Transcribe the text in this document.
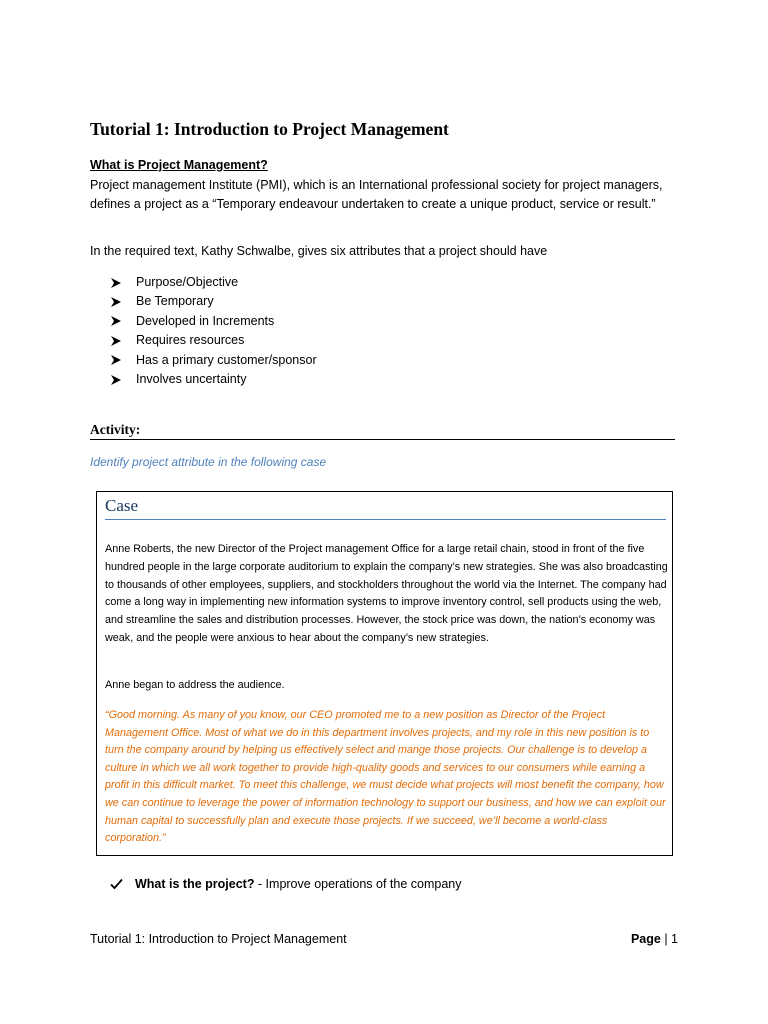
Tutorial 1: Introduction to Project Management
What is Project Management?
Project management Institute (PMI), which is an International professional society for project managers, defines a project as a “Temporary endeavour undertaken to create a unique product, service or result.”
In the required text, Kathy Schwalbe, gives six attributes that a project should have
Purpose/Objective
Be Temporary
Developed in Increments
Requires resources
Has a primary customer/sponsor
Involves uncertainty
Activity:
Identify project attribute in the following case
Case

Anne Roberts, the new Director of the Project management Office for a large retail chain, stood in front of the five hundred people in the large corporate auditorium to explain the company’s new strategies. She was also broadcasting to thousands of other employees, suppliers, and stockholders throughout the world via the Internet. The company had come a long way in implementing new information systems to improve inventory control, sell products using the web, and streamline the sales and distribution processes. However, the stock price was down, the nation’s economy was weak, and the people were anxious to hear about the company’s new strategies.

Anne began to address the audience.

“Good morning. As many of you know, our CEO promoted me to a new position as Director of the Project Management Office. Most of what we do in this department involves projects, and my role in this new position is to turn the company around by helping us effectively select and mange those projects. Our challenge is to develop a culture in which we all work together to provide high-quality goods and services to our consumers while earning a profit in this difficult market. To meet this challenge, we must decide what projects will most benefit the company, how we can continue to leverage the power of information technology to support our business, and how we can exploit our human capital to successfully plan and execute those projects. If we succeed, we’ll become a world-class corporation.”

What is the project? - Improve operations of the company
Tutorial 1: Introduction to Project Management	Page | 1
